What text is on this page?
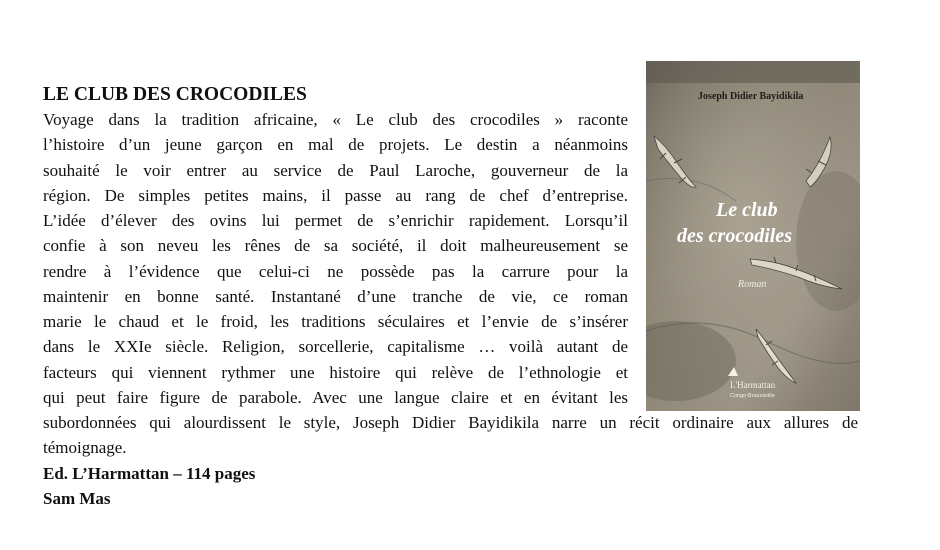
Joseph Didier Bayidikila
Le club
des crocodiles
Roman
L'Harmattan
Congo-Brazzaville
LE CLUB DES CROCODILES

Voyage dans la tradition africaine, « Le club des crocodiles » raconte

l’histoire d’un jeune garçon en mal de projets. Le destin a néanmoins

souhaité le voir entrer au service de Paul Laroche, gouverneur de la

région. De simples petites mains, il passe au rang de chef d’entreprise.

L’idée d’élever des ovins lui permet de s’enrichir rapidement. Lorsqu’il

confie à son neveu les rênes de sa société, il doit malheureusement se

rendre à l’évidence que celui-ci ne possède pas la carrure pour la

maintenir en bonne santé. Instantané d’une tranche de vie, ce roman

marie le chaud et le froid, les traditions séculaires et l’envie de s’insérer

dans le XXIe siècle. Religion, sorcellerie, capitalisme … voilà autant de

facteurs qui viennent rythmer une histoire qui relève de l’ethnologie et

qui peut faire figure de parabole. Avec une langue claire et en évitant les

subordonnées qui alourdissent le style, Joseph Didier Bayidikila narre un récit ordinaire aux allures de

témoignage.

Ed. L’Harmattan – 114 pages

Sam Mas
